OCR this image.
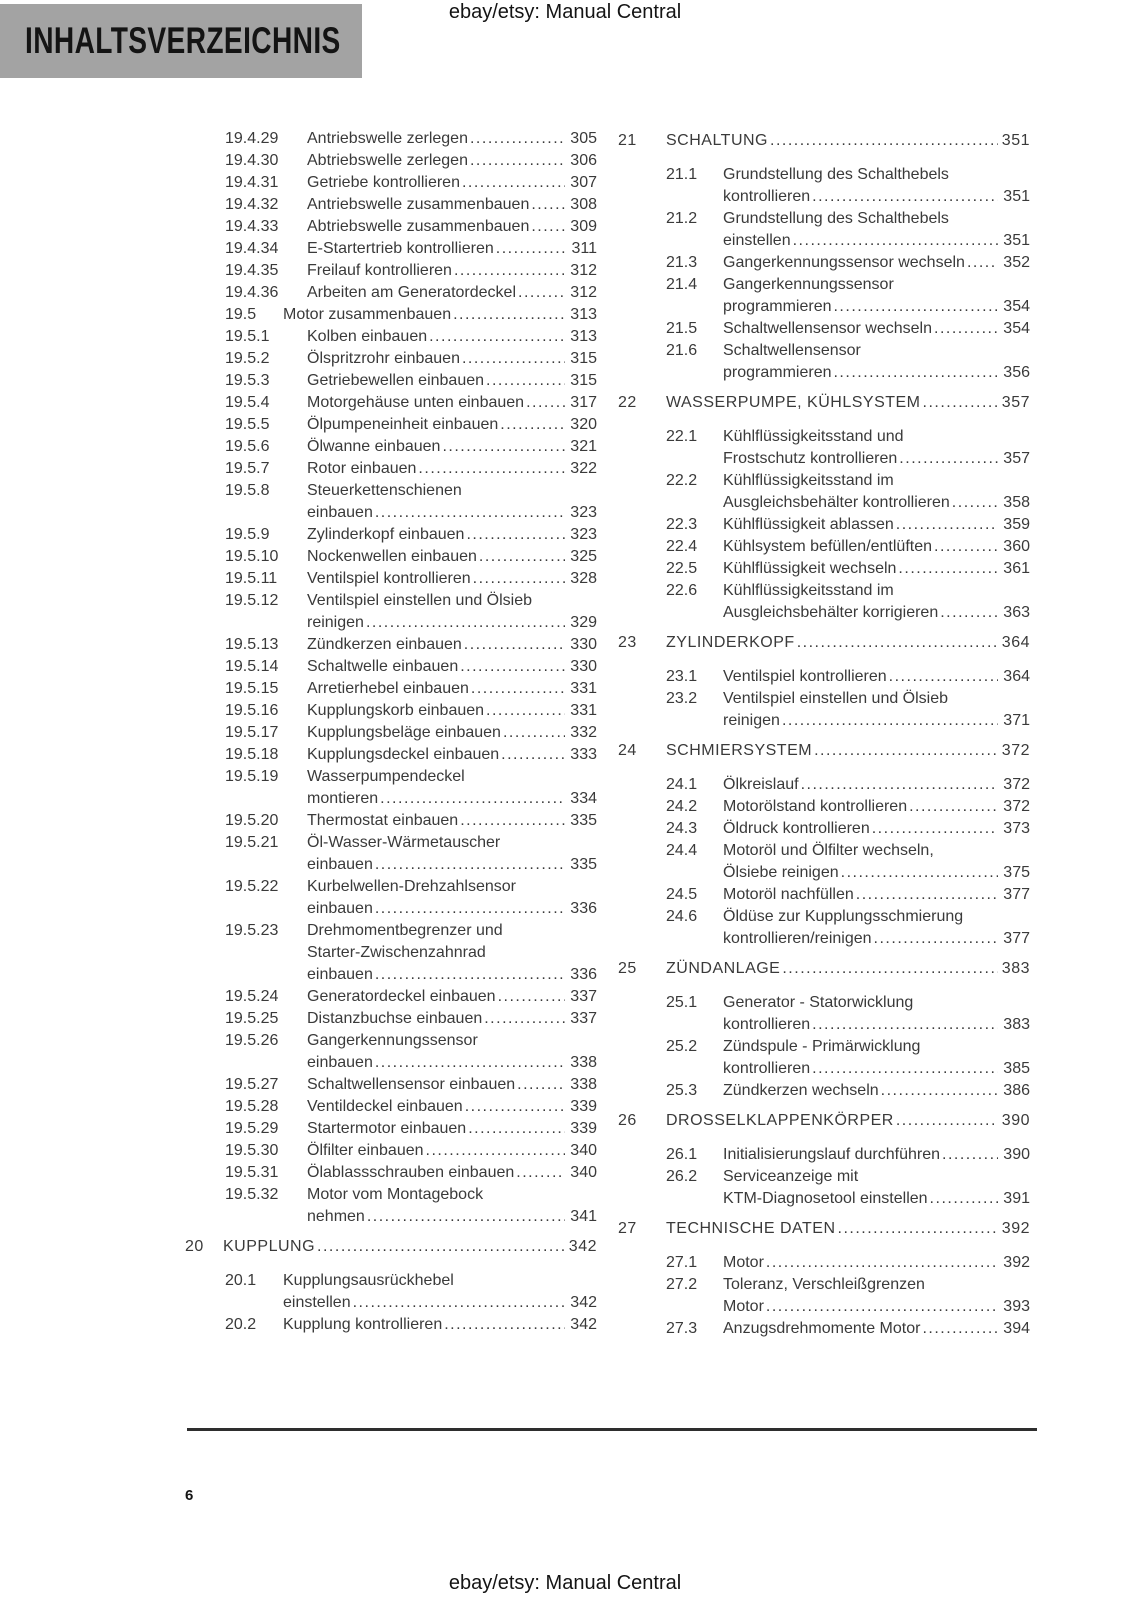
ebay/etsy: Manual Central
INHALTSVERZEICHNIS
19.4.29	Antriebswelle zerlegen .....	305
19.4.30	Abtriebswelle zerlegen .....	306
19.4.31	Getriebe kontrollieren .....	307
19.4.32	Antriebswelle zusammenbauen .....	308
19.4.33	Abtriebswelle zusammenbauen .....	309
19.4.34	E-Startertrieb kontrollieren .....	311
19.4.35	Freilauf kontrollieren .....	312
19.4.36	Arbeiten am Generatordeckel .....	312
19.5	Motor zusammenbauen .....	313
19.5.1	Kolben einbauen .....	313
19.5.2	Ölspritzrohr einbauen .....	315
19.5.3	Getriebewellen einbauen .....	315
19.5.4	Motorgehäuse unten einbauen .....	317
19.5.5	Ölpumpeneinheit einbauen .....	320
19.5.6	Ölwanne einbauen .....	321
19.5.7	Rotor einbauen .....	322
19.5.8	Steuerkettenschienen
einbauen .....	323
19.5.9	Zylinderkopf einbauen .....	323
19.5.10	Nockenwellen einbauen .....	325
19.5.11	Ventilspiel kontrollieren .....	328
19.5.12	Ventilspiel einstellen und Ölsieb
reinigen .....	329
19.5.13	Zündkerzen einbauen .....	330
19.5.14	Schaltwelle einbauen .....	330
19.5.15	Arretierhebel einbauen .....	331
19.5.16	Kupplungskorb einbauen .....	331
19.5.17	Kupplungsbeläge einbauen .....	332
19.5.18	Kupplungsdeckel einbauen .....	333
19.5.19	Wasserpumpendeckel
montieren .....	334
19.5.20	Thermostat einbauen .....	335
19.5.21	Öl-Wasser-Wärmetauscher
einbauen .....	335
19.5.22	Kurbelwellen-Drehzahlsensor
einbauen .....	336
19.5.23	Drehmomentbegrenzer und
Starter-Zwischenzahnrad
einbauen .....	336
19.5.24	Generatordeckel einbauen .....	337
19.5.25	Distanzbuchse einbauen .....	337
19.5.26	Gangerkennungssensor
einbauen .....	338
19.5.27	Schaltwellensensor einbauen .....	338
19.5.28	Ventildeckel einbauen .....	339
19.5.29	Startermotor einbauen .....	339
19.5.30	Ölfilter einbauen .....	340
19.5.31	Ölablassschrauben einbauen .....	340
19.5.32	Motor vom Montagebock
nehmen .....	341
20	KUPPLUNG .....	342
20.1	Kupplungsausrückhebel
einstellen .....	342
20.2	Kupplung kontrollieren .....	342
21	SCHALTUNG .....	351
21.1	Grundstellung des Schalthebels
kontrollieren .....	351
21.2	Grundstellung des Schalthebels
einstellen .....	351
21.3	Gangerkennungssensor wechseln ..... 352
21.4	Gangerkennungssensor
programmieren .....	354
21.5	Schaltwellensensor wechseln .....	354
21.6	Schaltwellensensor
programmieren .....	356
22	WASSERPUMPE, KÜHLSYSTEM .....	357
22.1	Kühlflüssigkeitsstand und
Frostschutz kontrollieren .....	357
22.2	Kühlflüssigkeitsstand im
Ausgleichsbehälter kontrollieren .....	358
22.3	Kühlflüssigkeit ablassen .....	359
22.4	Kühlsystem befüllen/entlüften .....	360
22.5	Kühlflüssigkeit wechseln .....	361
22.6	Kühlflüssigkeitsstand im
Ausgleichsbehälter korrigieren .....	363
23	ZYLINDERKOPF .....	364
23.1	Ventilspiel kontrollieren .....	364
23.2	Ventilspiel einstellen und Ölsieb
reinigen .....	371
24	SCHMIERSYSTEM .....	372
24.1	Ölkreislauf .....	372
24.2	Motorölstand kontrollieren .....	372
24.3	Öldruck kontrollieren .....	373
24.4	Motoröl und Ölfilter wechseln,
Ölsiebe reinigen .....	375
24.5	Motoröl nachfüllen .....	377
24.6	Öldüse zur Kupplungsschmierung
kontrollieren/reinigen .....	377
25	ZÜNDANLAGE .....	383
25.1	Generator - Statorwicklung
kontrollieren .....	383
25.2	Zündspule - Primärwicklung
kontrollieren .....	385
25.3	Zündkerzen wechseln .....	386
26	DROSSELKLAPPENKÖRPER .....	390
26.1	Initialisierungslauf durchführen .....	390
26.2	Serviceanzeige mit
KTM-Diagnosetool einstellen .....	391
27	TECHNISCHE DATEN .....	392
27.1	Motor .....	392
27.2	Toleranz, Verschleißgrenzen
Motor .....	393
27.3	Anzugsdrehmomente Motor .....	394
6
ebay/etsy: Manual Central
